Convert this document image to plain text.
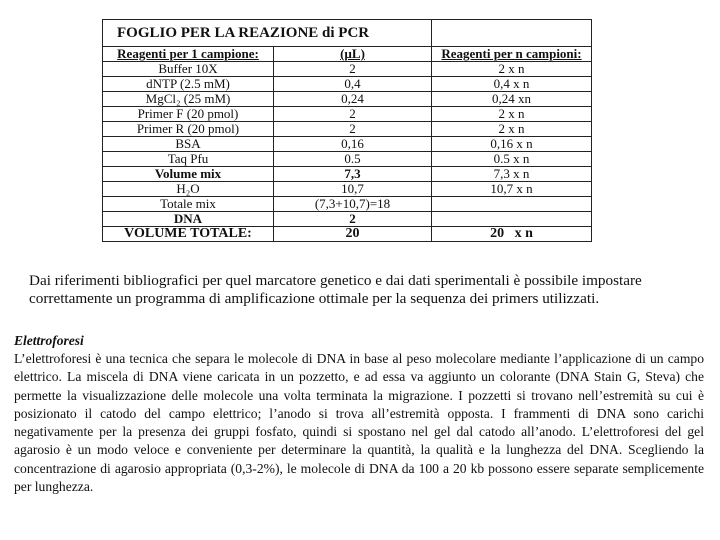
FOGLIO PER LA REAZIONE di PCR		
Reagenti per 1 campione:	(µL)	Reagenti per n campioni:
Buffer 10X	2	2 x n
dNTP (2.5 mM)	0,4	0,4 x n
MgCl₂ (25 mM)	0,24	0,24 xn
Primer F (20 pmol)	2	2 x n
Primer R (20 pmol)	2	2 x n
BSA	0,16	0,16 x n
Taq Pfu	0.5	0.5 x n
Volume mix	7,3	7,3 x n
H₂O	10,7	10,7 x n
Totale mix	(7,3+10,7)=18	
DNA	2	
VOLUME TOTALE:	20	20   x n

Dai riferimenti bibliografici per quel marcatore genetico e dai dati sperimentali è possibile impostare correttamente un programma di amplificazione ottimale per la sequenza dei primers utilizzati.

Elettroforesi

L’elettroforesi è una tecnica che separa le molecole di DNA in base al peso molecolare mediante l’applicazione di un campo elettrico. La miscela di DNA viene caricata in un pozzetto, e ad essa va aggiunto un colorante (DNA Stain G, Steva) che permette la visualizzazione delle molecole una volta terminata la migrazione. I pozzetti si trovano nell’estremità su cui è posizionato il catodo del campo elettrico; l’anodo si trova all’estremità opposta. I frammenti di DNA sono carichi negativamente per la presenza dei gruppi fosfato, quindi si spostano nel gel dal catodo all’anodo. L’elettroforesi del gel agarosio è un modo veloce e conveniente per determinare la quantità, la qualità e la lunghezza del DNA. Scegliendo la concentrazione di agarosio appropriata (0,3-2%), le molecole di DNA da 100 a 20 kb possono essere separate semplicemente per lunghezza.
